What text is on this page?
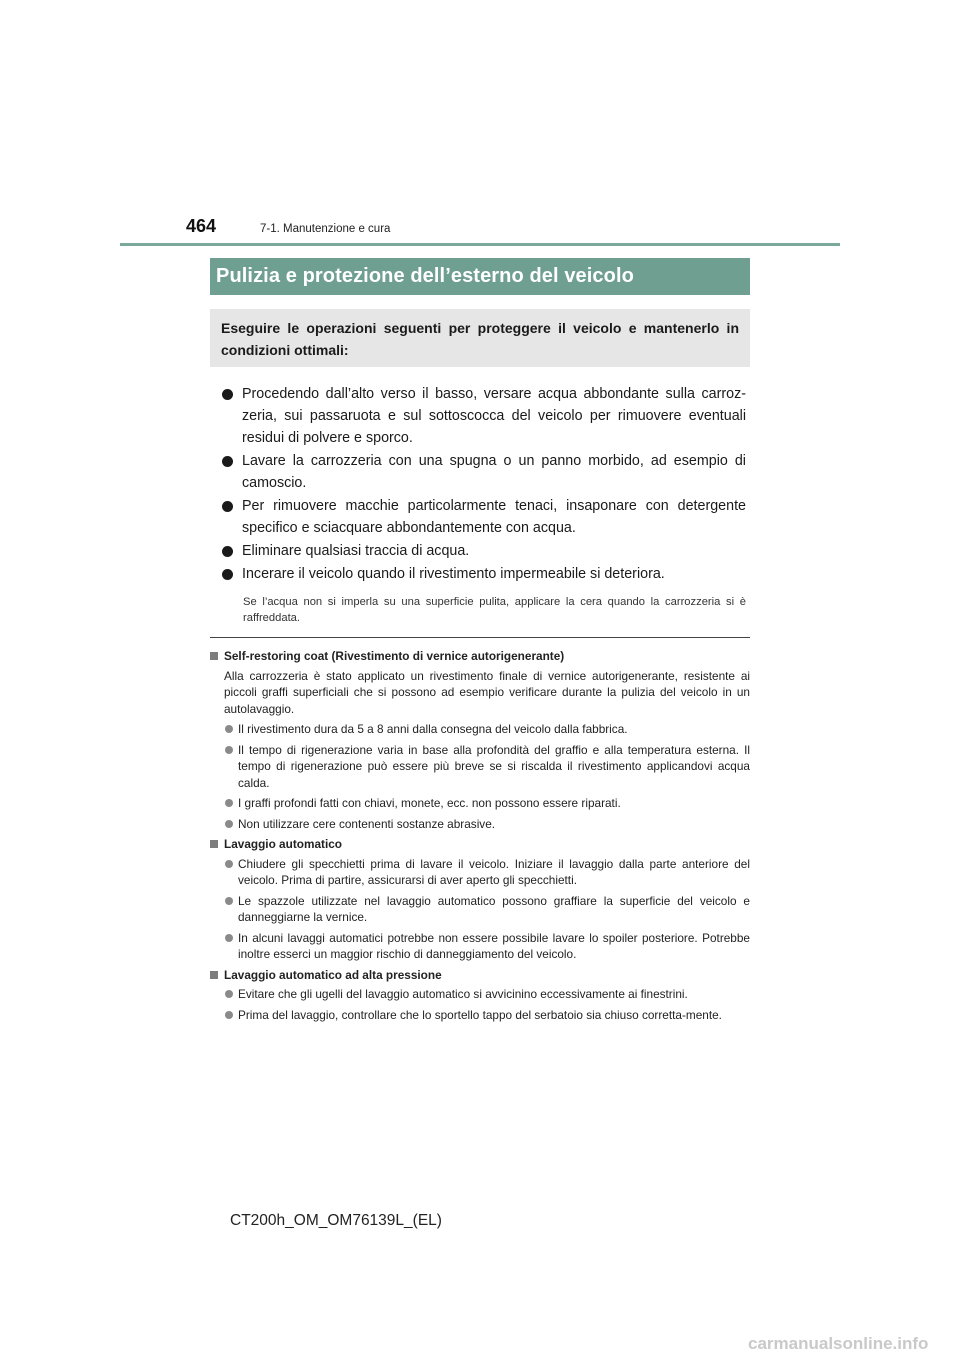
464	7-1. Manutenzione e cura
Pulizia e protezione dell’esterno del veicolo
Eseguire le operazioni seguenti per proteggere il veicolo e mantenerlo in condizioni ottimali:
Procedendo dall’alto verso il basso, versare acqua abbondante sulla carroz-zeria, sui passaruota e sul sottoscocca del veicolo per rimuovere eventuali residui di polvere e sporco.
Lavare la carrozzeria con una spugna o un panno morbido, ad esempio di camoscio.
Per rimuovere macchie particolarmente tenaci, insaponare con detergente specifico e sciacquare abbondantemente con acqua.
Eliminare qualsiasi traccia di acqua.
Incerare il veicolo quando il rivestimento impermeabile si deteriora.
Se l’acqua non si imperla su una superficie pulita, applicare la cera quando la carrozzeria si è raffreddata.
Self-restoring coat (Rivestimento di vernice autorigenerante)
Alla carrozzeria è stato applicato un rivestimento finale di vernice autorigenerante, resistente ai piccoli graffi superficiali che si possono ad esempio verificare durante la pulizia del veicolo in un autolavaggio.
Il rivestimento dura da 5 a 8 anni dalla consegna del veicolo dalla fabbrica.
Il tempo di rigenerazione varia in base alla profondità del graffio e alla temperatura esterna. Il tempo di rigenerazione può essere più breve se si riscalda il rivestimento applicandovi acqua calda.
I graffi profondi fatti con chiavi, monete, ecc. non possono essere riparati.
Non utilizzare cere contenenti sostanze abrasive.
Lavaggio automatico
Chiudere gli specchietti prima di lavare il veicolo. Iniziare il lavaggio dalla parte anteriore del veicolo. Prima di partire, assicurarsi di aver aperto gli specchietti.
Le spazzole utilizzate nel lavaggio automatico possono graffiare la superficie del veicolo e danneggiarne la vernice.
In alcuni lavaggi automatici potrebbe non essere possibile lavare lo spoiler posteriore. Potrebbe inoltre esserci un maggior rischio di danneggiamento del veicolo.
Lavaggio automatico ad alta pressione
Evitare che gli ugelli del lavaggio automatico si avvicinino eccessivamente ai finestrini.
Prima del lavaggio, controllare che lo sportello tappo del serbatoio sia chiuso corretta-mente.
CT200h_OM_OM76139L_(EL)
carmanualsonline.info
